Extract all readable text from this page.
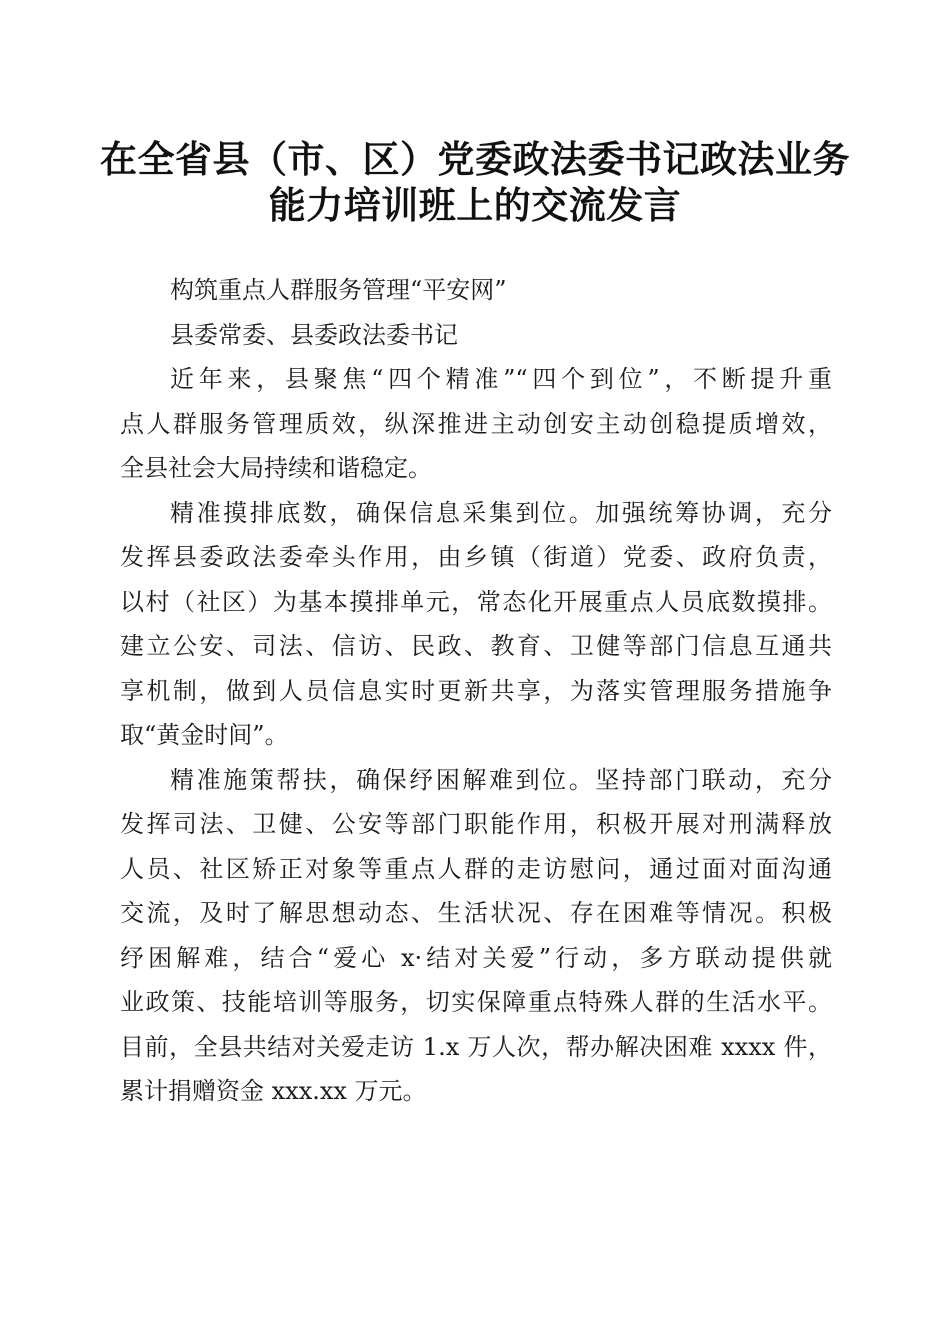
在全省县（市、区）党委政法委书记政法业务
能力培训班上的交流发言
构筑重点人群服务管理“平安网”
县委常委、县委政法委书记
近年来，县聚焦“四个精准”“四个到位”，不断提升重
点人群服务管理质效，纵深推进主动创安主动创稳提质增效，
全县社会大局持续和谐稳定。
精准摸排底数，确保信息采集到位。加强统筹协调，充分
发挥县委政法委牵头作用，由乡镇（街道）党委、政府负责，
以村（社区）为基本摸排单元，常态化开展重点人员底数摸排。
建立公安、司法、信访、民政、教育、卫健等部门信息互通共
享机制，做到人员信息实时更新共享，为落实管理服务措施争
取“黄金时间”。
精准施策帮扶，确保纾困解难到位。坚持部门联动，充分
发挥司法、卫健、公安等部门职能作用，积极开展对刑满释放
人员、社区矫正对象等重点人群的走访慰问，通过面对面沟通
交流，及时了解思想动态、生活状况、存在困难等情况。积极
纾困解难，结合“爱心 x·结对关爱”行动，多方联动提供就
业政策、技能培训等服务，切实保障重点特殊人群的生活水平。
目前，全县共结对关爱走访 1.x 万人次，帮办解决困难 xxxx 件，
累计捐赠资金 xxx.xx 万元。
